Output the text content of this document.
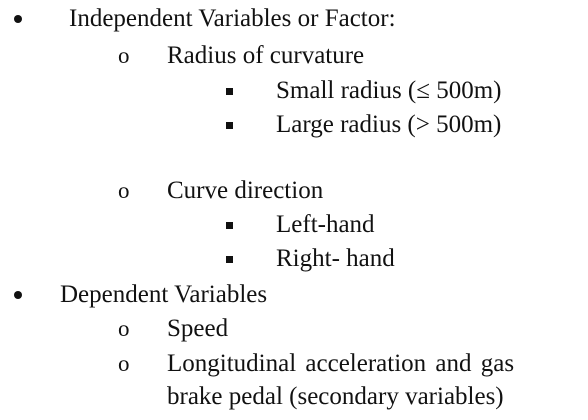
Independent Variables or Factor:
o Radius of curvature
Small radius (≤ 500m)
Large radius (> 500m)
o Curve direction
Left-hand
Right- hand
Dependent Variables
o Speed
o Longitudinal acceleration and gas
brake pedal (secondary variables)
